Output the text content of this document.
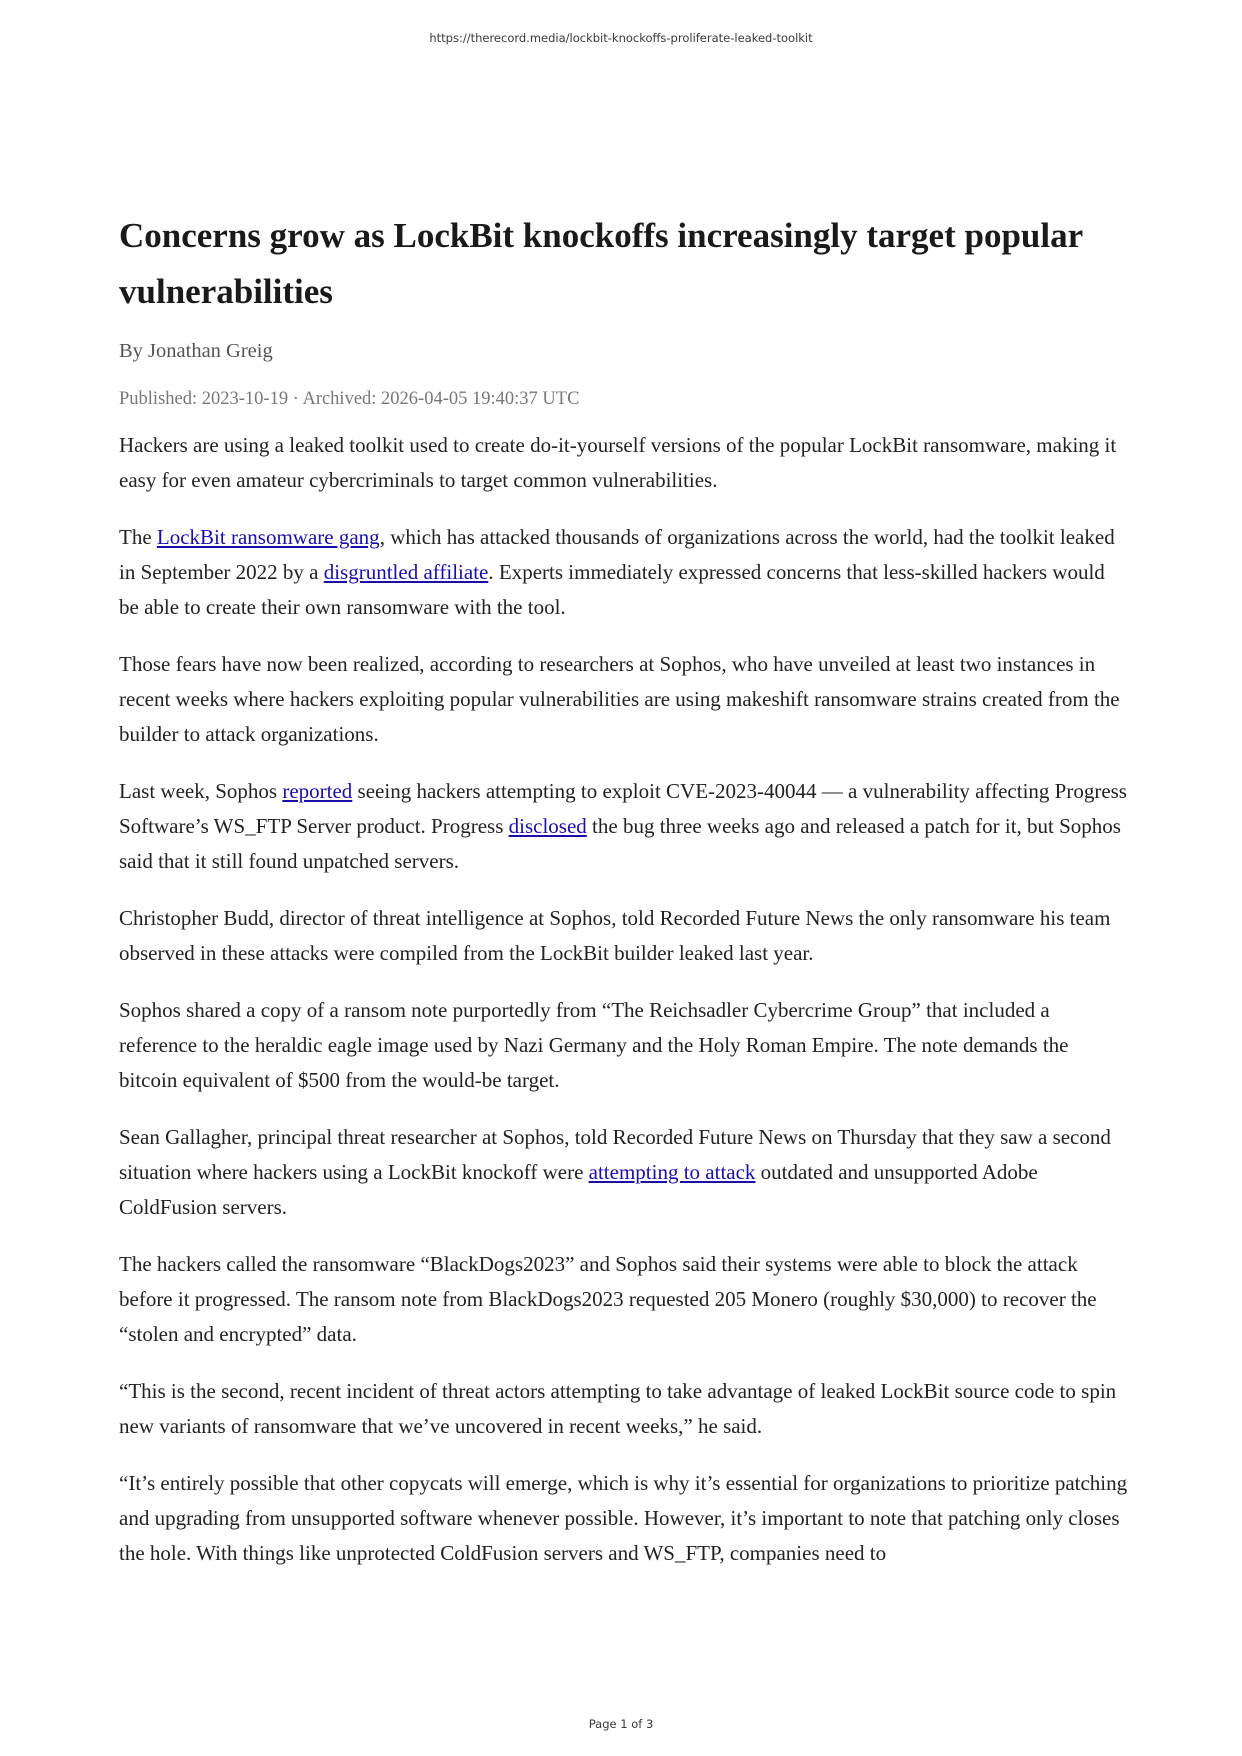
https://therecord.media/lockbit-knockoffs-proliferate-leaked-toolkit
Concerns grow as LockBit knockoffs increasingly target popular vulnerabilities
By Jonathan Greig
Published: 2023-10-19 · Archived: 2026-04-05 19:40:37 UTC

Hackers are using a leaked toolkit used to create do-it-yourself versions of the popular LockBit ransomware, making it easy for even amateur cybercriminals to target common vulnerabilities.

The LockBit ransomware gang, which has attacked thousands of organizations across the world, had the toolkit leaked in September 2022 by a disgruntled affiliate. Experts immediately expressed concerns that less-skilled hackers would be able to create their own ransomware with the tool.

Those fears have now been realized, according to researchers at Sophos, who have unveiled at least two instances in recent weeks where hackers exploiting popular vulnerabilities are using makeshift ransomware strains created from the builder to attack organizations.

Last week, Sophos reported seeing hackers attempting to exploit CVE-2023-40044 — a vulnerability affecting Progress Software’s WS_FTP Server product. Progress disclosed the bug three weeks ago and released a patch for it, but Sophos said that it still found unpatched servers.

Christopher Budd, director of threat intelligence at Sophos, told Recorded Future News the only ransomware his team observed in these attacks were compiled from the LockBit builder leaked last year.

Sophos shared a copy of a ransom note purportedly from “The Reichsadler Cybercrime Group” that included a reference to the heraldic eagle image used by Nazi Germany and the Holy Roman Empire. The note demands the bitcoin equivalent of $500 from the would-be target.

Sean Gallagher, principal threat researcher at Sophos, told Recorded Future News on Thursday that they saw a second situation where hackers using a LockBit knockoff were attempting to attack outdated and unsupported Adobe ColdFusion servers.

The hackers called the ransomware “BlackDogs2023” and Sophos said their systems were able to block the attack before it progressed. The ransom note from BlackDogs2023 requested 205 Monero (roughly $30,000) to recover the “stolen and encrypted” data.

“This is the second, recent incident of threat actors attempting to take advantage of leaked LockBit source code to spin new variants of ransomware that we’ve uncovered in recent weeks,” he said.

“It’s entirely possible that other copycats will emerge, which is why it’s essential for organizations to prioritize patching and upgrading from unsupported software whenever possible. However, it’s important to note that patching only closes the hole. With things like unprotected ColdFusion servers and WS_FTP, companies need to

Page 1 of 3
